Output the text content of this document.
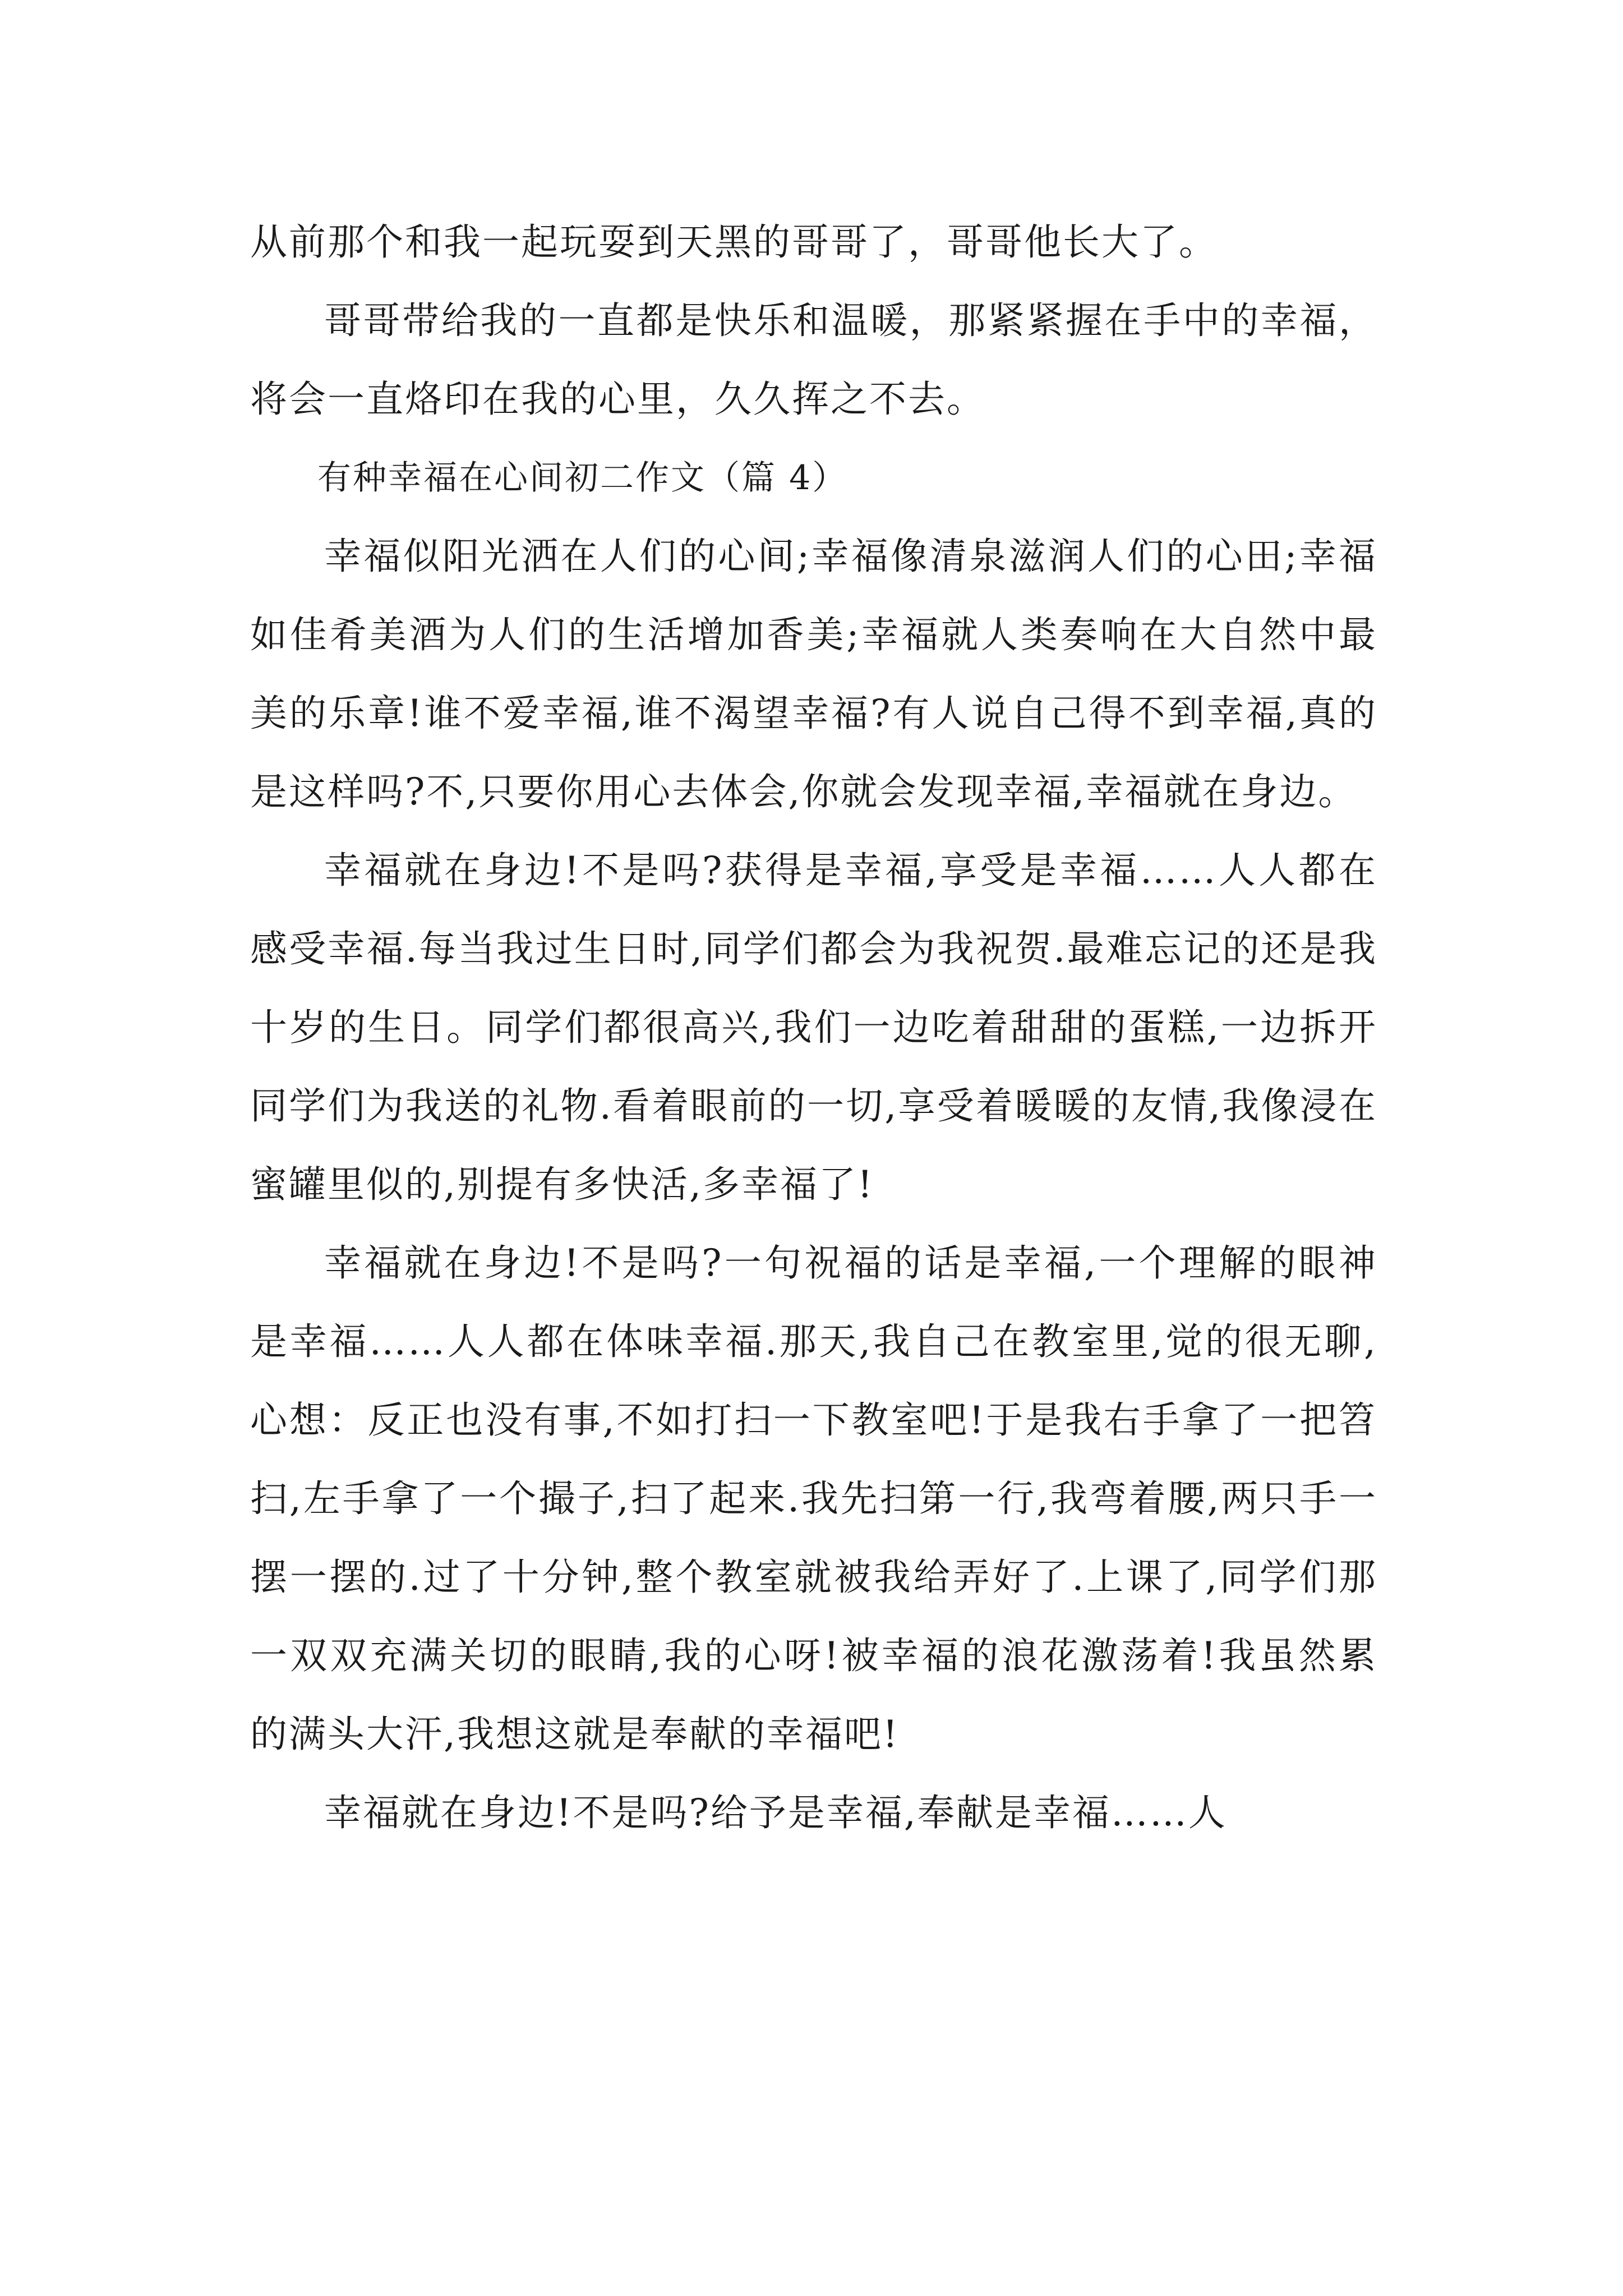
从前那个和我一起玩耍到天黑的哥哥了，哥哥他长大了。

哥哥带给我的一直都是快乐和温暖，那紧紧握在手中的幸福，将会一直烙印在我的心里，久久挥之不去。

有种幸福在心间初二作文（篇 4）

幸福似阳光洒在人们的心间;幸福像清泉滋润人们的心田;幸福如佳肴美酒为人们的生活增加香美;幸福就人类奏响在大自然中最美的乐章!谁不爱幸福,谁不渴望幸福?有人说自己得不到幸福,真的是这样吗?不,只要你用心去体会,你就会发现幸福,幸福就在身边。

幸福就在身边!不是吗?获得是幸福,享受是幸福……人人都在感受幸福.每当我过生日时,同学们都会为我祝贺.最难忘记的还是我十岁的生日。同学们都很高兴,我们一边吃着甜甜的蛋糕,一边拆开同学们为我送的礼物.看着眼前的一切,享受着暖暖的友情,我像浸在蜜罐里似的,别提有多快活,多幸福了!

幸福就在身边!不是吗?一句祝福的话是幸福,一个理解的眼神是幸福……人人都在体味幸福.那天,我自己在教室里,觉的很无聊,心想：反正也没有事,不如打扫一下教室吧!于是我右手拿了一把笤扫,左手拿了一个撮子,扫了起来.我先扫第一行,我弯着腰,两只手一摆一摆的.过了十分钟,整个教室就被我给弄好了.上课了,同学们那一双双充满关切的眼睛,我的心呀!被幸福的浪花激荡着!我虽然累的满头大汗,我想这就是奉献的幸福吧!

幸福就在身边!不是吗?给予是幸福,奉献是幸福……人
